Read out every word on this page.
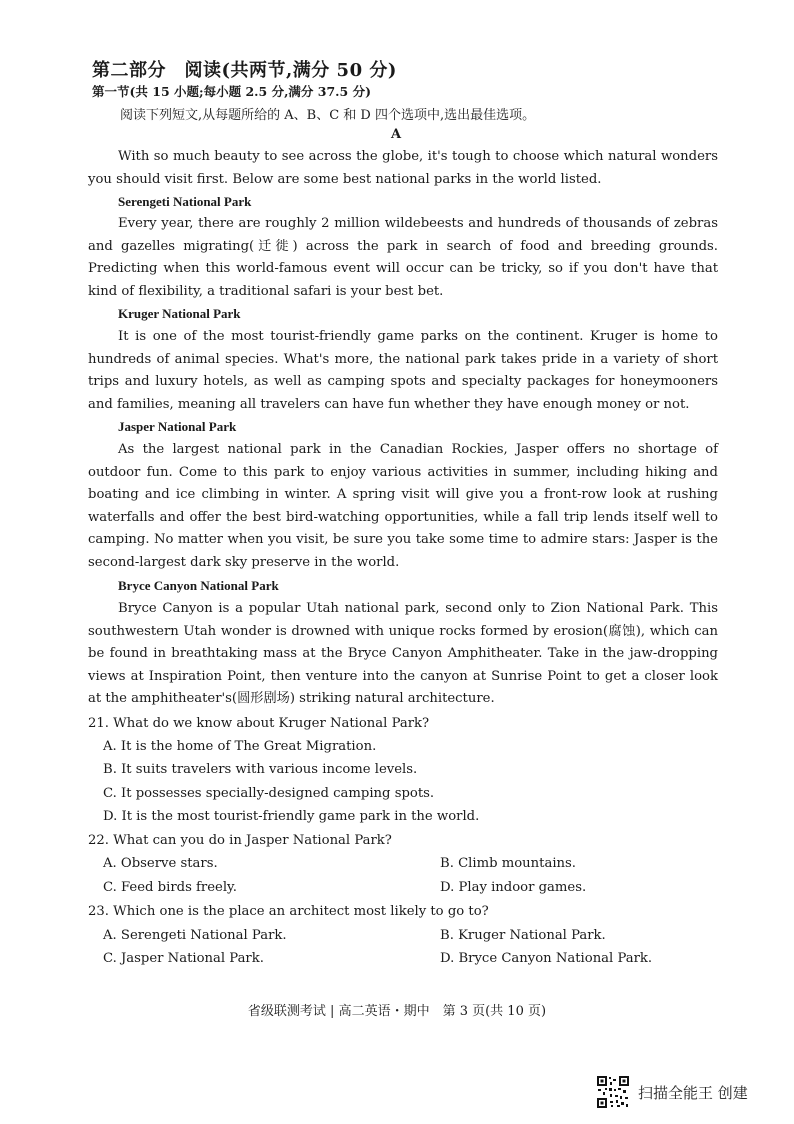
第二部分　阅读(共两节,满分 50 分)
第一节(共 15 小题;每小题 2.5 分,满分 37.5 分)
阅读下列短文,从每题所给的 A、B、C 和 D 四个选项中,选出最佳选项。
A
With so much beauty to see across the globe, it's tough to choose which natural wonders you should visit first. Below are some best national parks in the world listed.
Serengeti National Park
Every year, there are roughly 2 million wildebeests and hundreds of thousands of zebras and gazelles migrating(迁徙) across the park in search of food and breeding grounds. Predicting when this world-famous event will occur can be tricky, so if you don't have that kind of flexibility, a traditional safari is your best bet.
Kruger National Park
It is one of the most tourist-friendly game parks on the continent. Kruger is home to hundreds of animal species. What's more, the national park takes pride in a variety of short trips and luxury hotels, as well as camping spots and specialty packages for honeymooners and families, meaning all travelers can have fun whether they have enough money or not.
Jasper National Park
As the largest national park in the Canadian Rockies, Jasper offers no shortage of outdoor fun. Come to this park to enjoy various activities in summer, including hiking and boating and ice climbing in winter. A spring visit will give you a front-row look at rushing waterfalls and offer the best bird-watching opportunities, while a fall trip lends itself well to camping. No matter when you visit, be sure you take some time to admire stars: Jasper is the second-largest dark sky preserve in the world.
Bryce Canyon National Park
Bryce Canyon is a popular Utah national park, second only to Zion National Park. This southwestern Utah wonder is drowned with unique rocks formed by erosion(腐蚀), which can be found in breathtaking mass at the Bryce Canyon Amphitheater. Take in the jaw-dropping views at Inspiration Point, then venture into the canyon at Sunrise Point to get a closer look at the amphitheater's(圆形剧场) striking natural architecture.
21. What do we know about Kruger National Park?
A. It is the home of The Great Migration.
B. It suits travelers with various income levels.
C. It possesses specially-designed camping spots.
D. It is the most tourist-friendly game park in the world.
22. What can you do in Jasper National Park?
A. Observe stars.	B. Climb mountains.
C. Feed birds freely.	D. Play indoor games.
23. Which one is the place an architect most likely to go to?
A. Serengeti National Park.	B. Kruger National Park.
C. Jasper National Park.	D. Bryce Canyon National Park.
省级联测考试 | 高二英语・期中　第 3 页(共 10 页)
扫描全能王 创建
